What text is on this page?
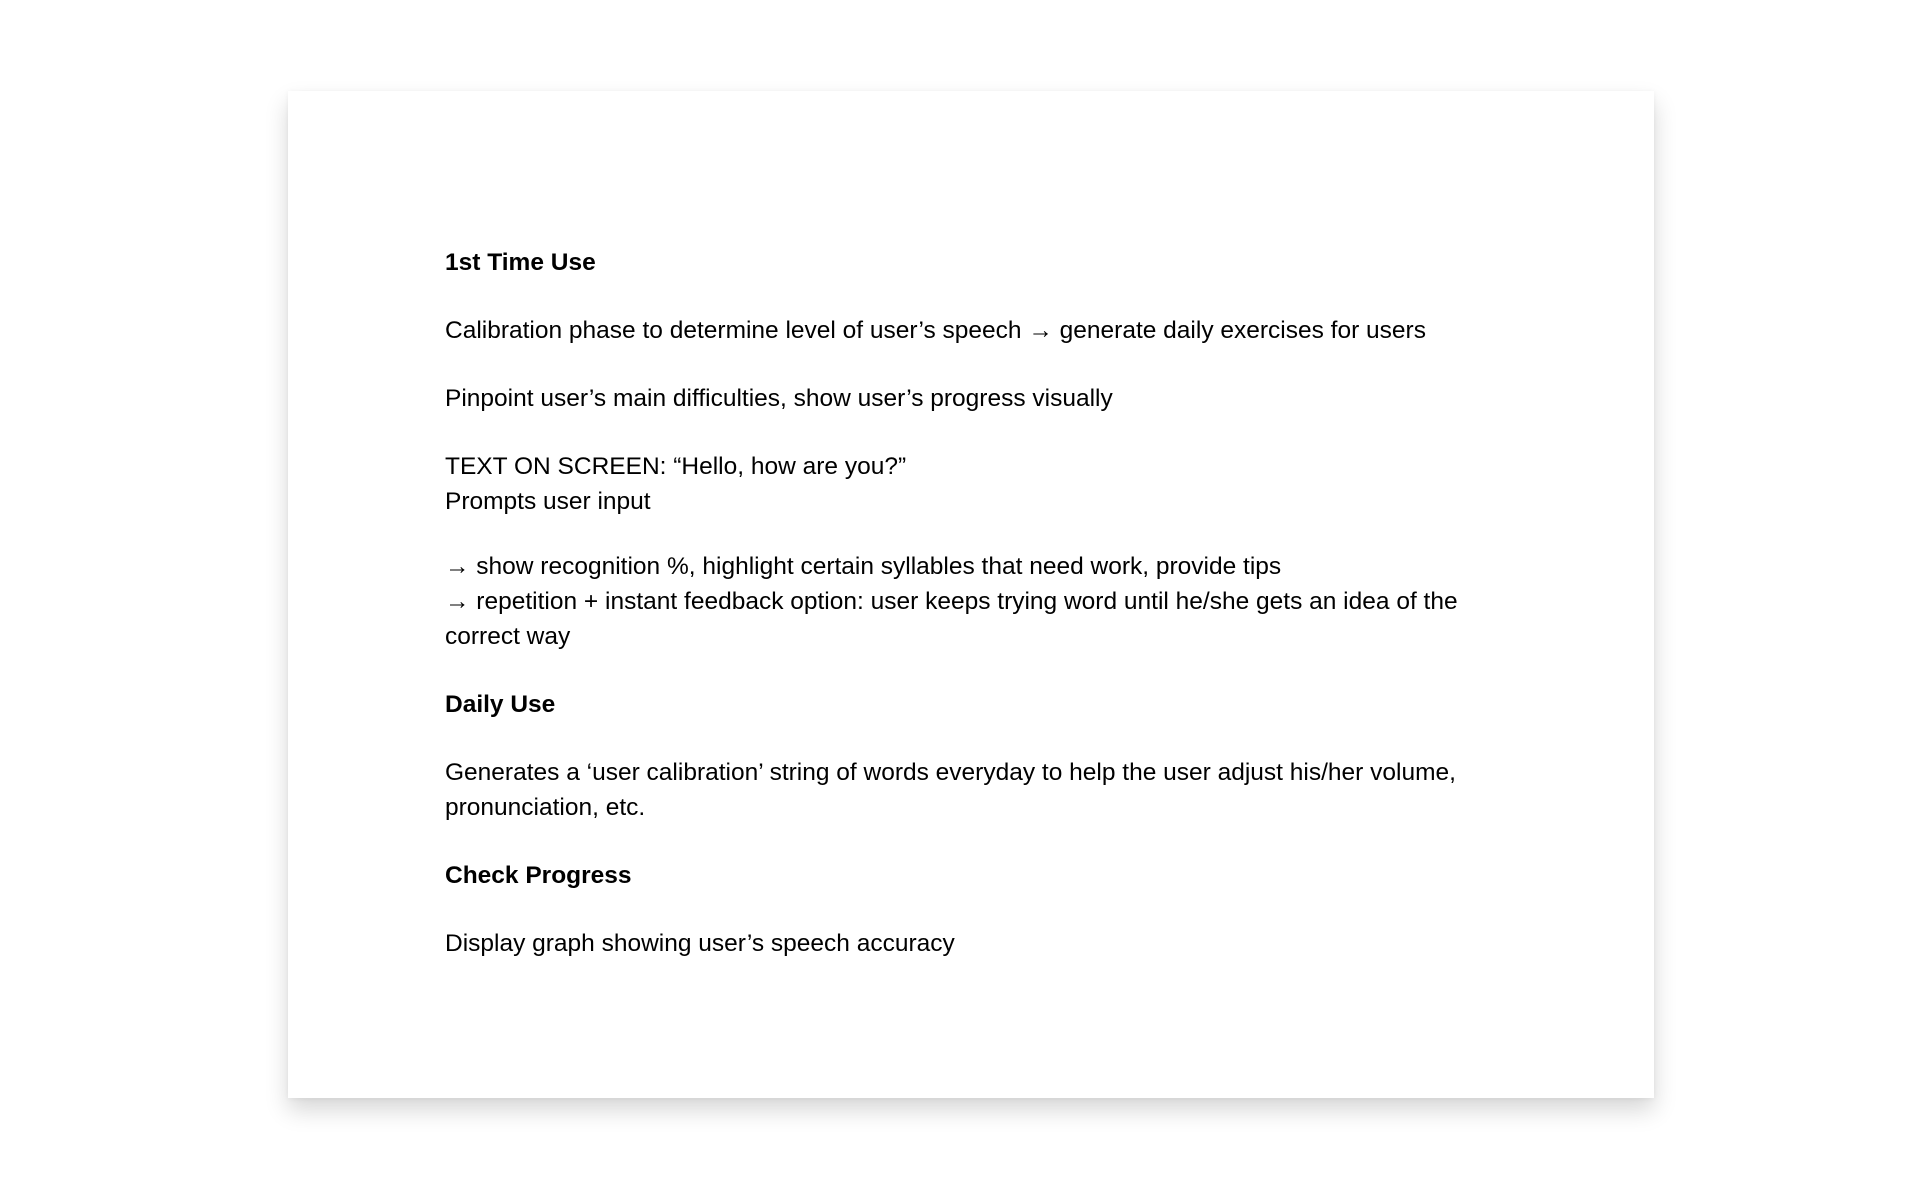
1st Time Use

Calibration phase to determine level of user’s speech → generate daily exercises for users

Pinpoint user’s main difficulties, show user’s progress visually

TEXT ON SCREEN: “Hello, how are you?”

Prompts user input

→ show recognition %, highlight certain syllables that need work, provide tips

→ repetition + instant feedback option: user keeps trying word until he/she gets an idea of the correct way

Daily Use

Generates a ‘user calibration’ string of words everyday to help the user adjust his/her volume, pronunciation, etc.

Check Progress

Display graph showing user’s speech accuracy
